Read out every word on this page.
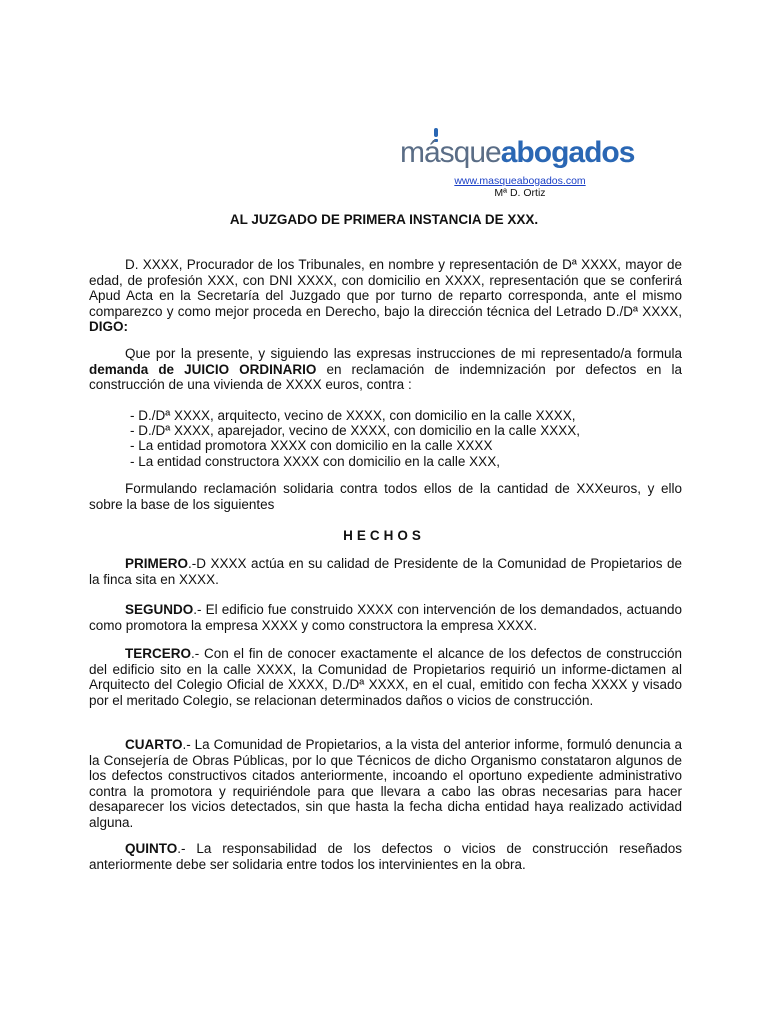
másqueabogados
www.masqueabogados.com
Mª D. Ortiz
AL JUZGADO DE PRIMERA INSTANCIA DE XXX.

D. XXXX, Procurador de los Tribunales, en nombre y representación de Dª XXXX, mayor de edad, de profesión XXX, con DNI XXXX, con domicilio en XXXX, representación que se conferirá Apud Acta en la Secretaría del Juzgado que por turno de reparto corresponda, ante el mismo comparezco y como mejor proceda en Derecho, bajo la dirección técnica del Letrado D./Dª XXXX, DIGO:

Que por la presente, y siguiendo las expresas instrucciones de mi representado/a formula demanda de JUICIO ORDINARIO en reclamación de indemnización por defectos en la construcción de una vivienda de XXXX euros, contra :

- D./Dª XXXX, arquitecto, vecino de XXXX, con domicilio en la calle XXXX,
- D./Dª XXXX, aparejador, vecino de XXXX, con domicilio en la calle XXXX,
- La entidad promotora XXXX con domicilio en la calle XXXX
- La entidad constructora XXXX con domicilio en la calle XXX,

Formulando reclamación solidaria contra todos ellos de la cantidad de XXXeuros, y ello sobre la base de los siguientes

HECHOS

PRIMERO.-D XXXX actúa en su calidad de Presidente de la Comunidad de Propietarios de la finca sita en XXXX.

SEGUNDO.- El edificio fue construido XXXX con intervención de los demandados, actuando como promotora la empresa XXXX y como constructora la empresa XXXX.

TERCERO.- Con el fin de conocer exactamente el alcance de los defectos de construcción del edificio sito en la calle XXXX, la Comunidad de Propietarios requirió un informe-dictamen al Arquitecto del Colegio Oficial de XXXX, D./Dª XXXX, en el cual, emitido con fecha XXXX y visado por el meritado Colegio, se relacionan determinados daños o vicios de construcción.

CUARTO.- La Comunidad de Propietarios, a la vista del anterior informe, formuló denuncia a la Consejería de Obras Públicas, por lo que Técnicos de dicho Organismo constataron algunos de los defectos constructivos citados anteriormente, incoando el oportuno expediente administrativo contra la promotora y requiriéndole para que llevara a cabo las obras necesarias para hacer desaparecer los vicios detectados, sin que hasta la fecha dicha entidad haya realizado actividad alguna.

QUINTO.- La responsabilidad de los defectos o vicios de construcción reseñados anteriormente debe ser solidaria entre todos los intervinientes en la obra.
